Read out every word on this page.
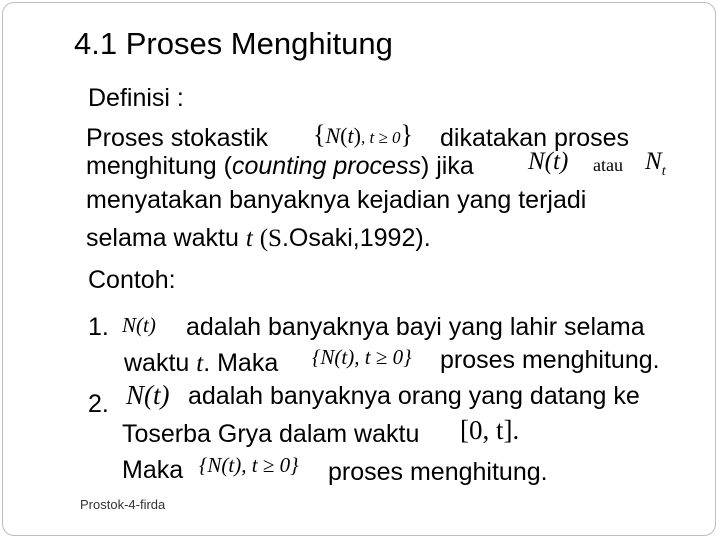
4.1 Proses Menghitung
Definisi :
Proses stokastik {N(t), t ≥ 0} dikatakan proses
menghitung (counting process) jika N(t) atau $N_t$
menyatakan banyaknya kejadian yang terjadi
selama waktu t (S.Osaki,1992).
Contoh:
1. N(t) adalah banyaknya bayi yang lahir selama
waktu t. Maka {N(t), t ≥ 0} proses menghitung.
2. N(t) adalah banyaknya orang yang datang ke
Toserba Grya dalam waktu [0, t].
Maka {N(t), t ≥ 0} proses menghitung.
Prostok-4-firda
